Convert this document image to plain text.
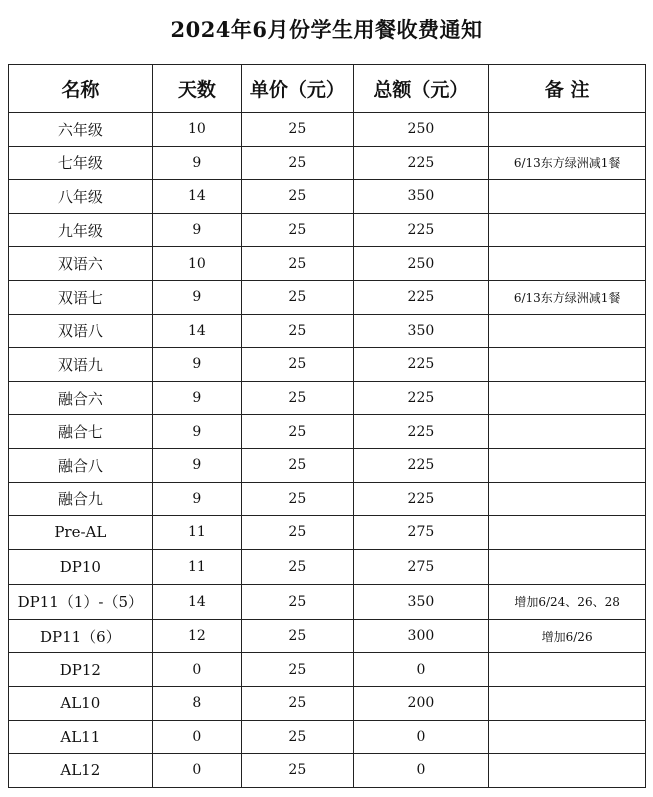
2024年6月份学生用餐收费通知
名称	天数	单价（元）	总额（元）	备 注
六年级	10	25	250	
七年级	9	25	225	6/13东方绿洲减1餐
八年级	14	25	350	
九年级	9	25	225	
双语六	10	25	250	
双语七	9	25	225	6/13东方绿洲减1餐
双语八	14	25	350	
双语九	9	25	225	
融合六	9	25	225	
融合七	9	25	225	
融合八	9	25	225	
融合九	9	25	225	
Pre-AL	11	25	275	
DP10	11	25	275	
DP11（1）-（5）	14	25	350	增加6/24、26、28
DP11（6）	12	25	300	增加6/26
DP12	0	25	0	
AL10	8	25	200	
AL11	0	25	0	
AL12	0	25	0	
